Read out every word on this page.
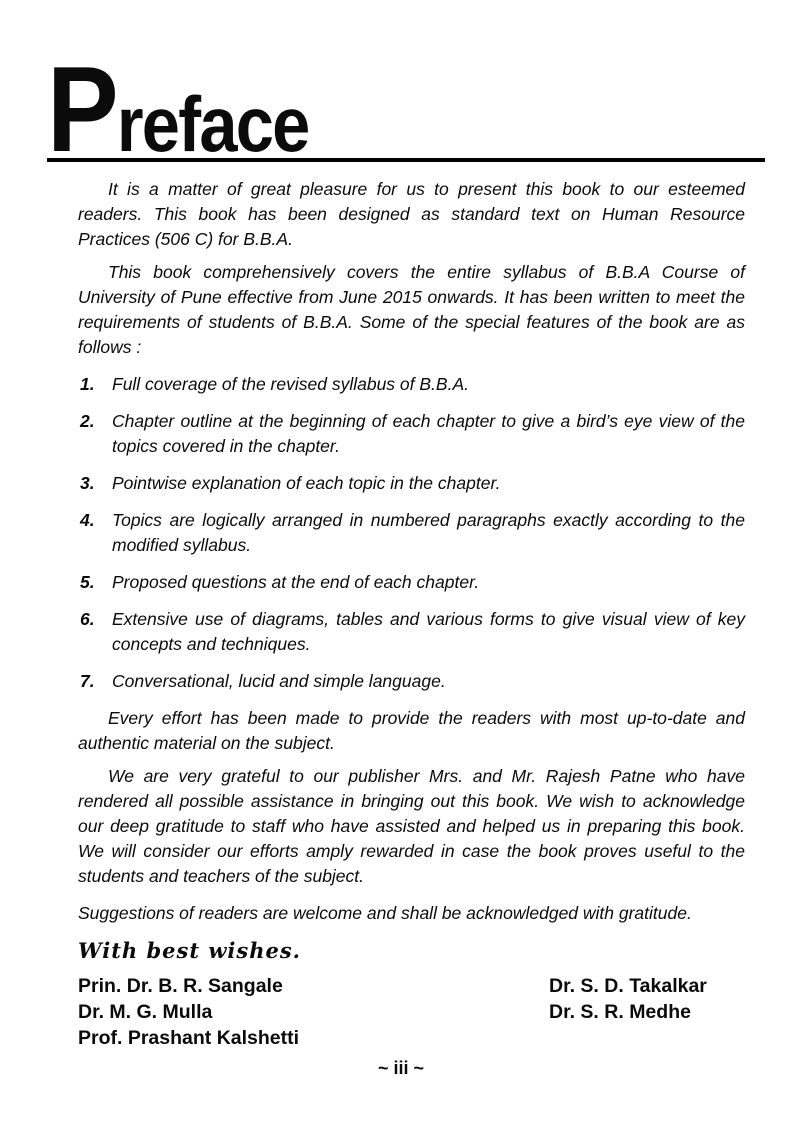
P reface

It is a matter of great pleasure for us to present this book to our esteemed readers. This book has been designed as standard text on Human Resource Practices (506 C) for B.B.A.

This book comprehensively covers the entire syllabus of B.B.A Course of University of Pune effective from June 2015 onwards. It has been written to meet the requirements of students of B.B.A. Some of the special features of the book are as follows :

1. Full coverage of the revised syllabus of B.B.A.
2. Chapter outline at the beginning of each chapter to give a bird’s eye view of the topics covered in the chapter.
3. Pointwise explanation of each topic in the chapter.
4. Topics are logically arranged in numbered paragraphs exactly according to the modified syllabus.
5. Proposed questions at the end of each chapter.
6. Extensive use of diagrams, tables and various forms to give visual view of key concepts and techniques.
7. Conversational, lucid and simple language.

Every effort has been made to provide the readers with most up-to-date and authentic material on the subject.

We are very grateful to our publisher Mrs. and Mr. Rajesh Patne who have rendered all possible assistance in bringing out this book. We wish to acknowledge our deep gratitude to staff who have assisted and helped us in preparing this book. We will consider our efforts amply rewarded in case the book proves useful to the students and teachers of the subject.

Suggestions of readers are welcome and shall be acknowledged with gratitude.

With best wishes.
Prin. Dr. B. R. Sangale
Dr. M. G. Mulla
Prof. Prashant Kalshetti
Dr. S. D. Takalkar
Dr. S. R. Medhe
~ iii ~
